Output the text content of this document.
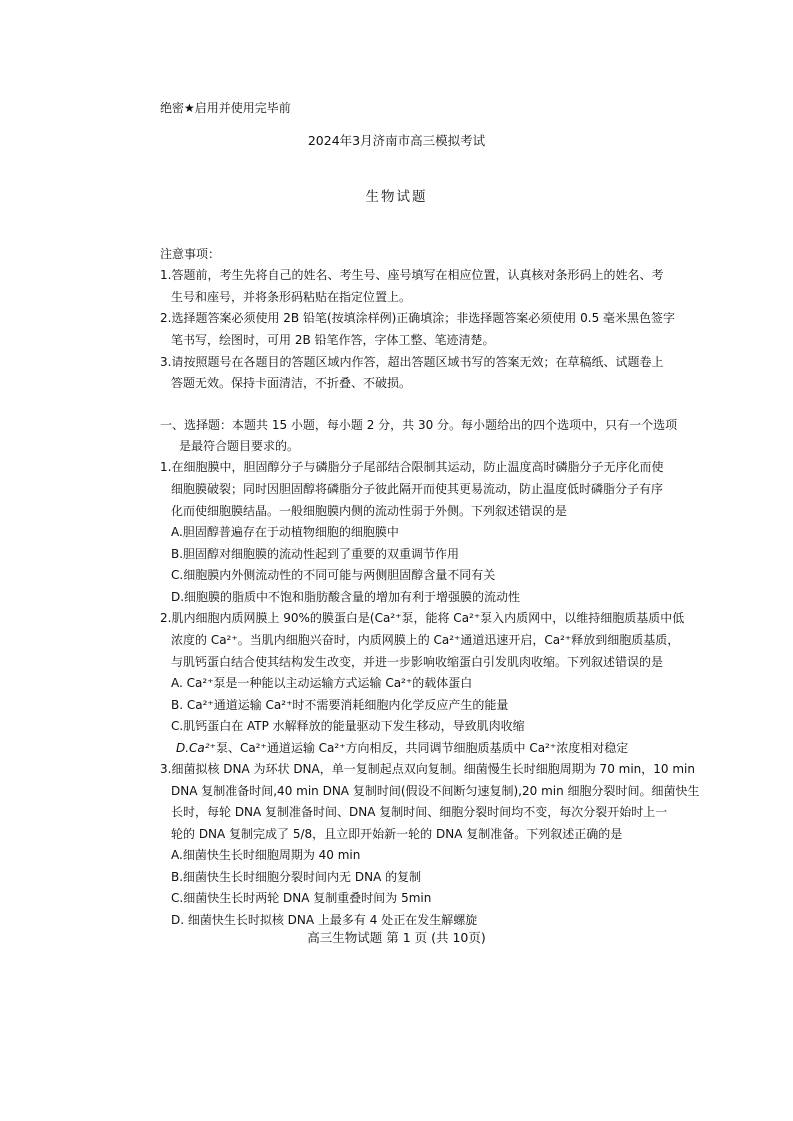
绝密★启用并使用完毕前
2024年3月济南市高三模拟考试
生物试题
注意事项：
1.答题前，考生先将自己的姓名、考生号、座号填写在相应位置，认真核对条形码上的姓名、考
生号和座号，并将条形码粘贴在指定位置上。
2.选择题答案必须使用 2B 铅笔(按填涂样例)正确填涂；非选择题答案必须使用 0.5 毫米黑色签字
笔书写，绘图时，可用 2B 铅笔作答，字体工整、笔迹清楚。
3.请按照题号在各题目的答题区域内作答，超出答题区域书写的答案无效；在草稿纸、试题卷上
答题无效。保持卡面清洁，不折叠、不破损。
一、选择题：本题共 15 小题，每小题 2 分，共 30 分。每小题给出的四个选项中，只有一个选项
是最符合题目要求的。
1.在细胞膜中，胆固醇分子与磷脂分子尾部结合限制其运动，防止温度高时磷脂分子无序化而使
细胞膜破裂；同时因胆固醇将磷脂分子彼此隔开而使其更易流动，防止温度低时磷脂分子有序
化而使细胞膜结晶。一般细胞膜内侧的流动性弱于外侧。下列叙述错误的是
A.胆固醇普遍存在于动植物细胞的细胞膜中
B.胆固醇对细胞膜的流动性起到了重要的双重调节作用
C.细胞膜内外侧流动性的不同可能与两侧胆固醇含量不同有关
D.细胞膜的脂质中不饱和脂肪酸含量的增加有利于增强膜的流动性
2.肌内细胞内质网膜上 90%的膜蛋白是(Ca²⁺泵，能将 Ca²⁺泵入内质网中，以维持细胞质基质中低
浓度的 Ca²⁺。当肌内细胞兴奋时，内质网膜上的 Ca²⁺通道迅速开启，Ca²⁺释放到细胞质基质，
与肌钙蛋白结合使其结构发生改变，并进一步影响收缩蛋白引发肌肉收缩。下列叙述错误的是
A. Ca²⁺泵是一种能以主动运输方式运输 Ca²⁺的载体蛋白
B. Ca²⁺通道运输 Ca²⁺时不需要消耗细胞内化学反应产生的能量
C.肌钙蛋白在 ATP 水解释放的能量驱动下发生移动，导致肌肉收缩
D.Ca²⁺泵、Ca²⁺通道运输 Ca²⁺方向相反，共同调节细胞质基质中 Ca²⁺浓度相对稳定
3.细菌拟核 DNA 为环状 DNA，单一复制起点双向复制。细菌慢生长时细胞周期为 70 min，10 min
DNA 复制准备时间,40 min DNA 复制时间(假设不间断匀速复制),20 min 细胞分裂时间。细菌快生
长时，每轮 DNA 复制准备时间、DNA 复制时间、细胞分裂时间均不变，每次分裂开始时上一
轮的 DNA 复制完成了 5/8，且立即开始新一轮的 DNA 复制准备。下列叙述正确的是
A.细菌快生长时细胞周期为 40 min
B.细菌快生长时细胞分裂时间内无 DNA 的复制
C.细菌快生长时两轮 DNA 复制重叠时间为 5min
D. 细菌快生长时拟核 DNA 上最多有 4 处正在发生解螺旋
高三生物试题 第 1 页 (共 10页)
